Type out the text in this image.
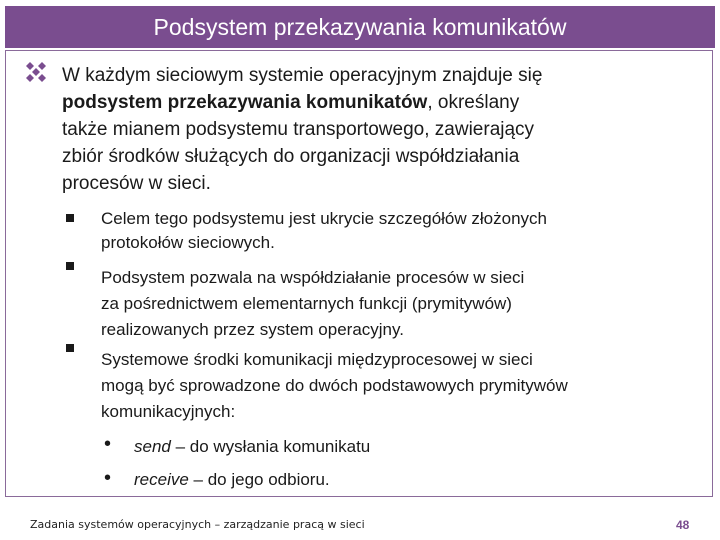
Podsystem przekazywania komunikatów
W każdym sieciowym systemie operacyjnym znajduje się
podsystem przekazywania komunikatów, określany
także mianem podsystemu transportowego, zawierający
zbiór środków służących do organizacji współdziałania
procesów w sieci.
Celem tego podsystemu jest ukrycie szczegółów złożonych
protokołów sieciowych.
Podsystem pozwala na współdziałanie procesów w sieci
za pośrednictwem elementarnych funkcji (prymitywów)
realizowanych przez system operacyjny.
Systemowe środki komunikacji międzyprocesowej w sieci
mogą być sprowadzone do dwóch podstawowych prymitywów
komunikacyjnych:
• send – do wysłania komunikatu
• receive – do jego odbioru.
Zadania systemów operacyjnych – zarządzanie pracą w sieci	48
